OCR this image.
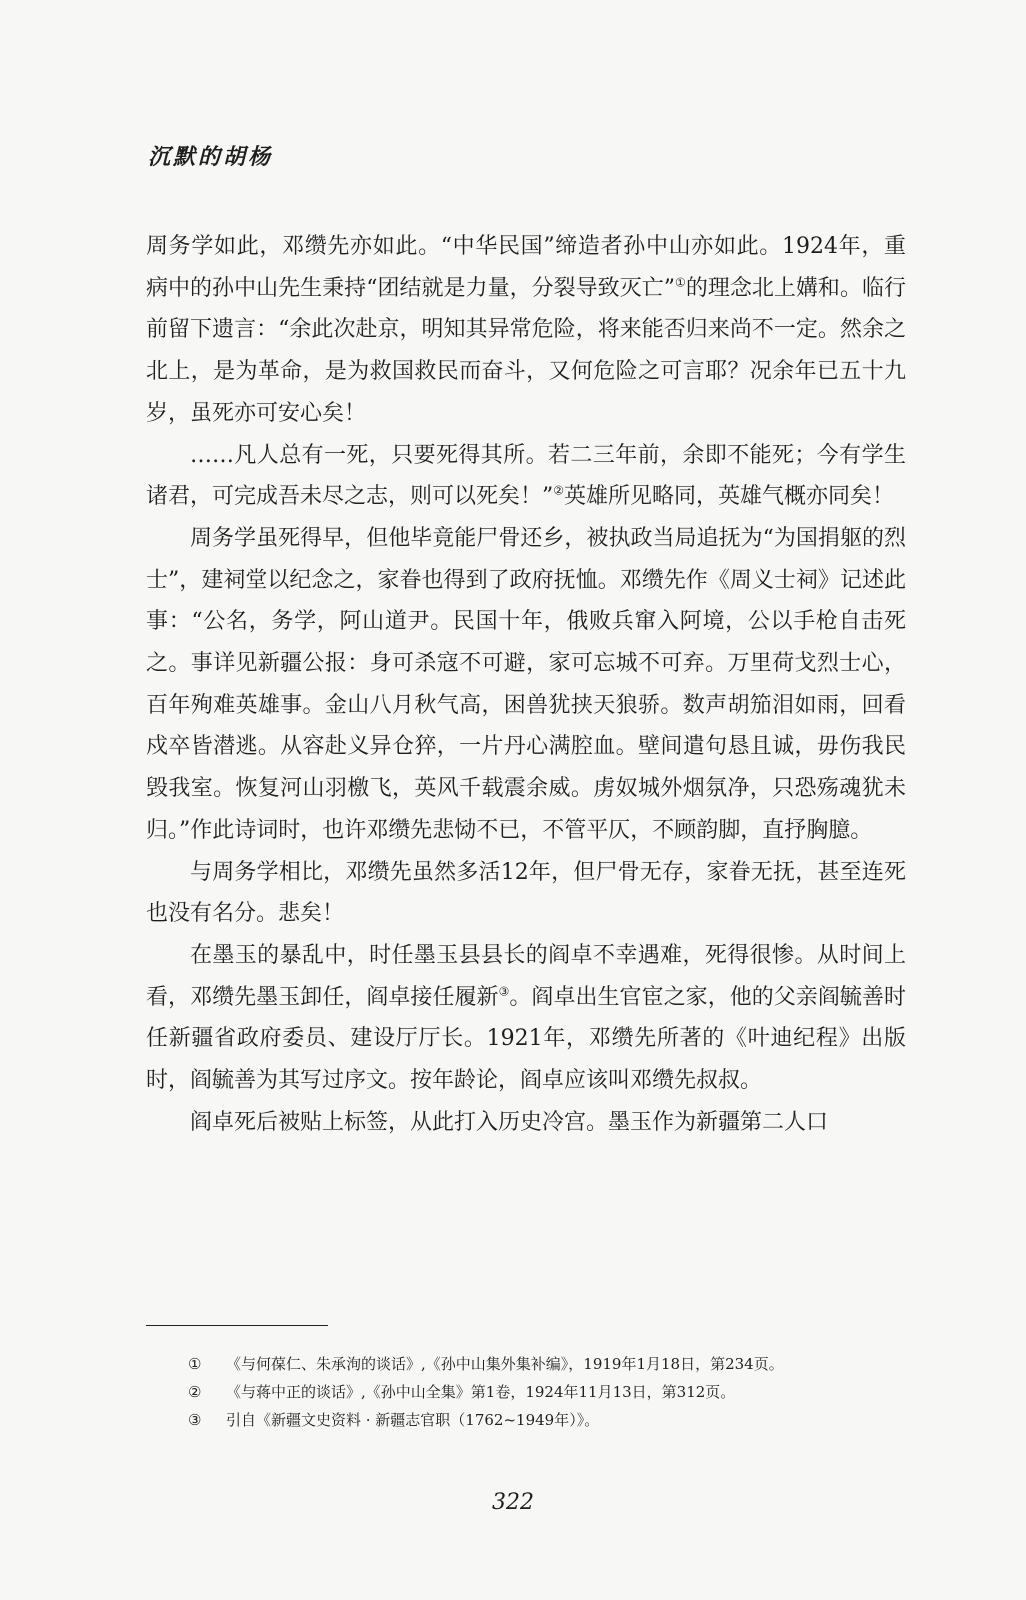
沉默的胡杨

周务学如此，邓缵先亦如此。“中华民国”缔造者孙中山亦如此。1924年，重病中的孙中山先生秉持“团结就是力量，分裂导致灭亡”①的理念北上媾和。临行前留下遗言：“余此次赴京，明知其异常危险，将来能否归来尚不一定。然余之北上，是为革命，是为救国救民而奋斗，又何危险之可言耶？况余年已五十九岁，虽死亦可安心矣！

……凡人总有一死，只要死得其所。若二三年前，余即不能死；今有学生诸君，可完成吾未尽之志，则可以死矣！”②英雄所见略同，英雄气概亦同矣！

周务学虽死得早，但他毕竟能尸骨还乡，被执政当局追抚为“为国捐躯的烈士”，建祠堂以纪念之，家眷也得到了政府抚恤。邓缵先作《周义士祠》记述此事：“公名，务学，阿山道尹。民国十年，俄败兵窜入阿境，公以手枪自击死之。事详见新疆公报：身可杀寇不可避，家可忘城不可弃。万里荷戈烈士心，百年殉难英雄事。金山八月秋气高，困兽犹挟天狼骄。数声胡笳泪如雨，回看戍卒皆潜逃。从容赴义异仓猝，一片丹心满腔血。壁间遣句恳且诚，毋伤我民毁我室。恢复河山羽檄飞，英风千载震余威。虏奴城外烟氛净，只恐殇魂犹未归。”作此诗词时，也许邓缵先悲恸不已，不管平仄，不顾韵脚，直抒胸臆。

与周务学相比，邓缵先虽然多活12年，但尸骨无存，家眷无抚，甚至连死也没有名分。悲矣！

在墨玉的暴乱中，时任墨玉县县长的阎卓不幸遇难，死得很惨。从时间上看，邓缵先墨玉卸任，阎卓接任履新③。阎卓出生官宦之家，他的父亲阎毓善时任新疆省政府委员、建设厅厅长。1921年，邓缵先所著的《叶迪纪程》出版时，阎毓善为其写过序文。按年龄论，阎卓应该叫邓缵先叔叔。

阎卓死后被贴上标签，从此打入历史冷宫。墨玉作为新疆第二人口

①	《与何葆仁、朱承洵的谈话》,《孙中山集外集补编》，1919年1月18日，第234页。
②	《与蒋中正的谈话》,《孙中山全集》第1卷，1924年11月13日，第312页。
③	引自《新疆文史资料 · 新疆志官职（1762~1949年）》。
322
